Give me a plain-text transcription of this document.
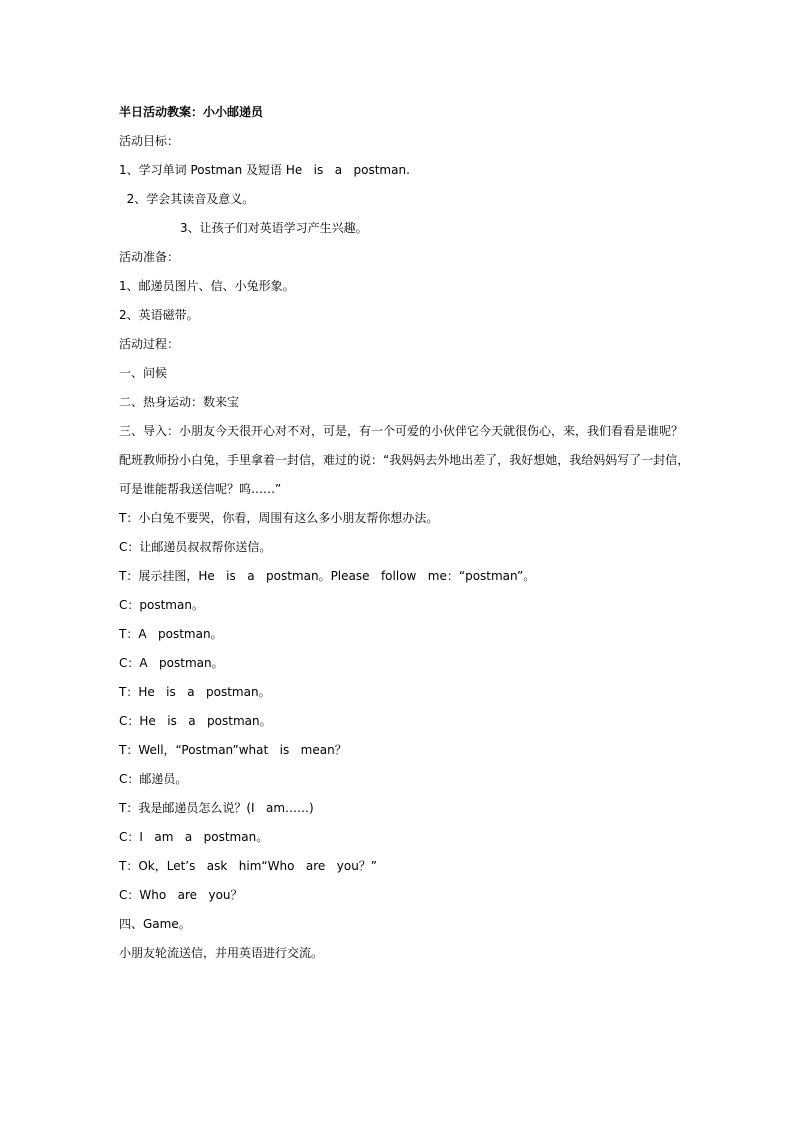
半日活动教案：小小邮递员
活动目标：
1、学习单词 Postman 及短语 He   is   a   postman.
2、学会其读音及意义。
3、让孩子们对英语学习产生兴趣。
活动准备：
1、邮递员图片、信、小兔形象。
2、英语磁带。
活动过程：
一、问候
二、热身运动：数来宝
三、导入：小朋友今天很开心对不对，可是，有一个可爱的小伙伴它今天就很伤心，来，我们看看是谁呢？
配班教师扮小白兔，手里拿着一封信，难过的说：“我妈妈去外地出差了，我好想她，我给妈妈写了一封信，
可是谁能帮我送信呢？呜……”
T：小白兔不要哭，你看，周围有这么多小朋友帮你想办法。
C：让邮递员叔叔帮你送信。
T：展示挂图，He   is   a   postman。Please   follow   me：“postman”。
C：postman。
T：A   postman。
C：A   postman。
T：He   is   a   postman。
C：He   is   a   postman。
T：Well，“Postman”what   is   mean？
C：邮递员。
T：我是邮递员怎么说？(I   am……)
C：I   am   a   postman。
T：Ok，Let’s   ask   him“Who   are   you？”
C：Who   are   you？
四、Game。
小朋友轮流送信，并用英语进行交流。
